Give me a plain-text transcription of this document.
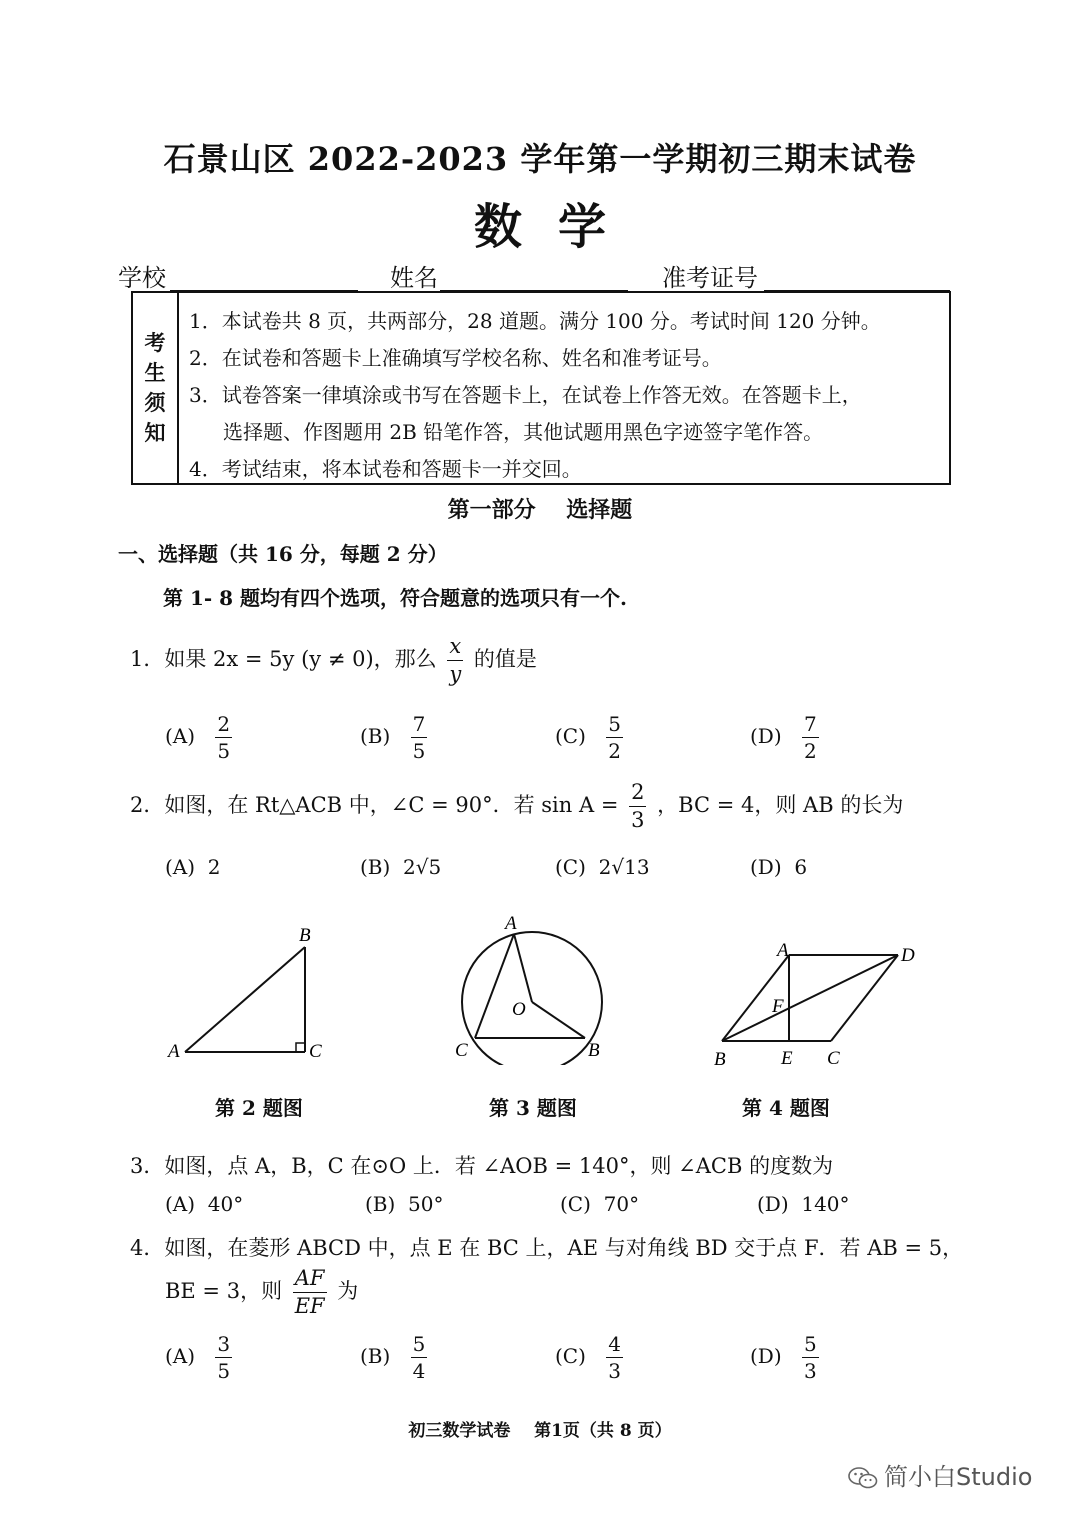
石景山区 2022-2023 学年第一学期初三期末试卷
数学
学校	姓名	准考证号
考
生
须
知
1．本试卷共 8 页，共两部分，28 道题。满分 100 分。考试时间 120 分钟。
2．在试卷和答题卡上准确填写学校名称、姓名和准考证号。
3．试卷答案一律填涂或书写在答题卡上，在试卷上作答无效。在答题卡上，
选择题、作图题用 2B 铅笔作答，其他试题用黑色字迹签字笔作答。
4．考试结束，将本试卷和答题卡一并交回。
第一部分    选择题
一、选择题（共 16 分，每题 2 分）
第 1- 8 题均有四个选项，符合题意的选项只有一个.
1．如果 2x = 5y (y ≠ 0)，那么 $\frac{x}{y}$ 的值是
$(A) \frac{2}{5}$	$(B) \frac{7}{5}$	$(C) \frac{5}{2}$	$(D) \frac{7}{2}$
2．如图，在 Rt△ACB 中，∠C = 90°．若 $\sin A = \frac{2}{3}$ ，BC = 4，则 AB 的长为
(A) 2	(B) 2√5	(C) 2√13	(D) 6
A
B
C
第 2 题图
A
B
C
O
第 3 题图
A
B	C
D
E
F
第 4 题图
3．如图，点 A，B，C 在⊙O 上．若 ∠AOB = 140°，则 ∠ACB 的度数为
(A) 40°	(B) 50°	(C) 70°	(D) 140°
4．如图，在菱形 ABCD 中，点 E 在 BC 上，AE 与对角线 BD 交于点 F．若 AB = 5，
BE = 3，则 $\frac{AF}{EF}$ 为
$(A) \frac{3}{5}$	$(B) \frac{5}{4}$	$(C) \frac{4}{3}$	$(D) \frac{5}{3}$
初三数学试卷    第1页（共 8 页）
简小白Studio
